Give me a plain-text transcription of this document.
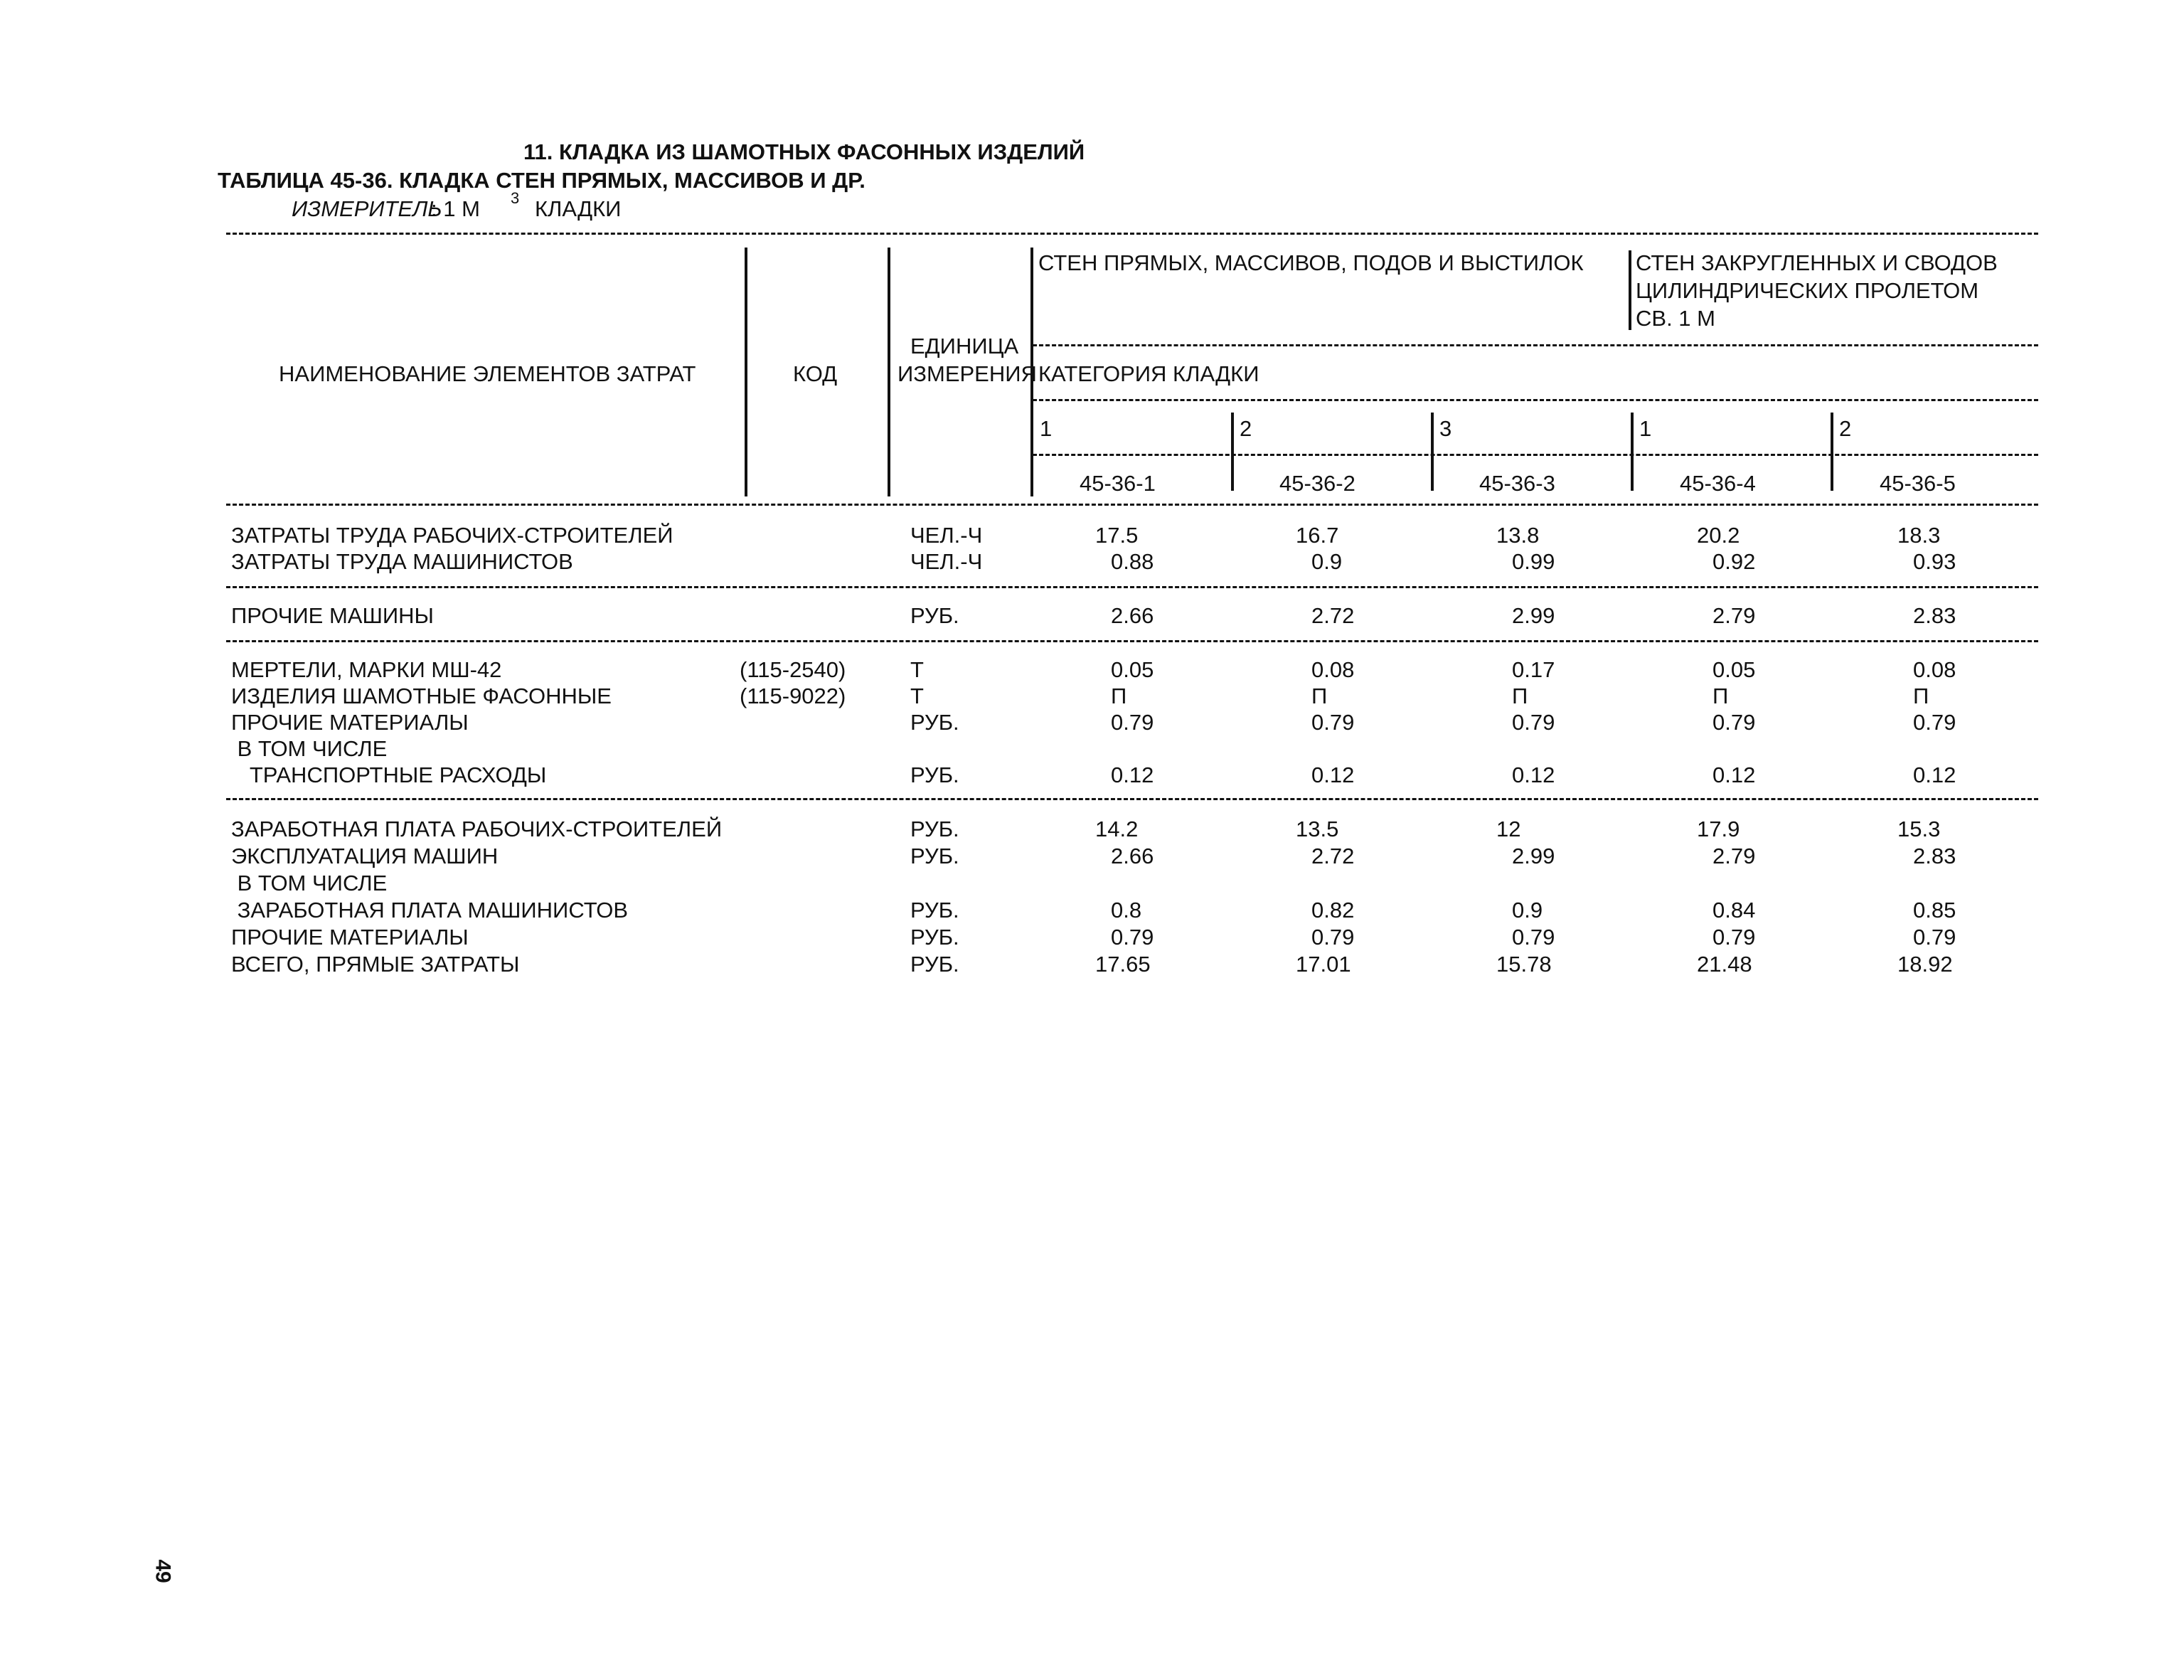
11. КЛАДКА ИЗ ШАМОТНЫХ ФАСОННЫХ ИЗДЕЛИЙ
ТАБЛИЦА 45-36. КЛАДКА СТЕН ПРЯМЫХ, МАССИВОВ И ДР.
ИЗМЕРИТЕЛЬ
: 1 М 3 КЛАДКИ
НАИМЕНОВАНИЕ ЭЛЕМЕНТОВ ЗАТРАТ	КОД
ЕДИНИЦА
ИЗМЕРЕНИЯ
СТЕН ПРЯМЫХ, МАССИВОВ, ПОДОВ И ВЫСТИЛОК СТЕН ЗАКРУГЛЕННЫХ И СВОДОВ
ЦИЛИНДРИЧЕСКИХ ПРОЛЕТОМ
СВ. 1 М
КАТЕГОРИЯ КЛАДКИ
1	2	3	1	2
45-36-1	45-36-2	45-36-3	45-36-4	45-36-5
ЗАТРАТЫ ТРУДА РАБОЧИХ-СТРОИТЕЛЕЙ	ЧЕЛ.-Ч	17.5	16.7	13.8	20.2	18.3
ЗАТРАТЫ ТРУДА МАШИНИСТОВ	ЧЕЛ.-Ч	0.88	0.9	0.99	0.92	0.93
ПРОЧИЕ МАШИНЫ	РУБ.	2.66	2.72	2.99	2.79	2.83
МЕРТЕЛИ, МАРКИ МШ-42	(115-2540)	Т	0.05	0.08	0.17	0.05	0.08
ИЗДЕЛИЯ ШАМОТНЫЕ ФАСОННЫЕ	(115-9022)	Т	П	П	П	П	П
ПРОЧИЕ МАТЕРИАЛЫ	РУБ.	0.79	0.79	0.79	0.79	0.79
В ТОМ ЧИСЛЕ
ТРАНСПОРТНЫЕ РАСХОДЫ	РУБ.	0.12	0.12	0.12	0.12	0.12
ЗАРАБОТНАЯ ПЛАТА РАБОЧИХ-СТРОИТЕЛЕЙ	РУБ.	14.2	13.5	12	17.9	15.3
ЭКСПЛУАТАЦИЯ МАШИН	РУБ.	2.66	2.72	2.99	2.79	2.83
В ТОМ ЧИСЛЕ
ЗАРАБОТНАЯ ПЛАТА МАШИНИСТОВ	РУБ.	0.8	0.82	0.9	0.84	0.85
ПРОЧИЕ МАТЕРИАЛЫ	РУБ.	0.79	0.79	0.79	0.79	0.79
ВСЕГО, ПРЯМЫЕ ЗАТРАТЫ	РУБ.	17.65	17.01	15.78	21.48	18.92
49
